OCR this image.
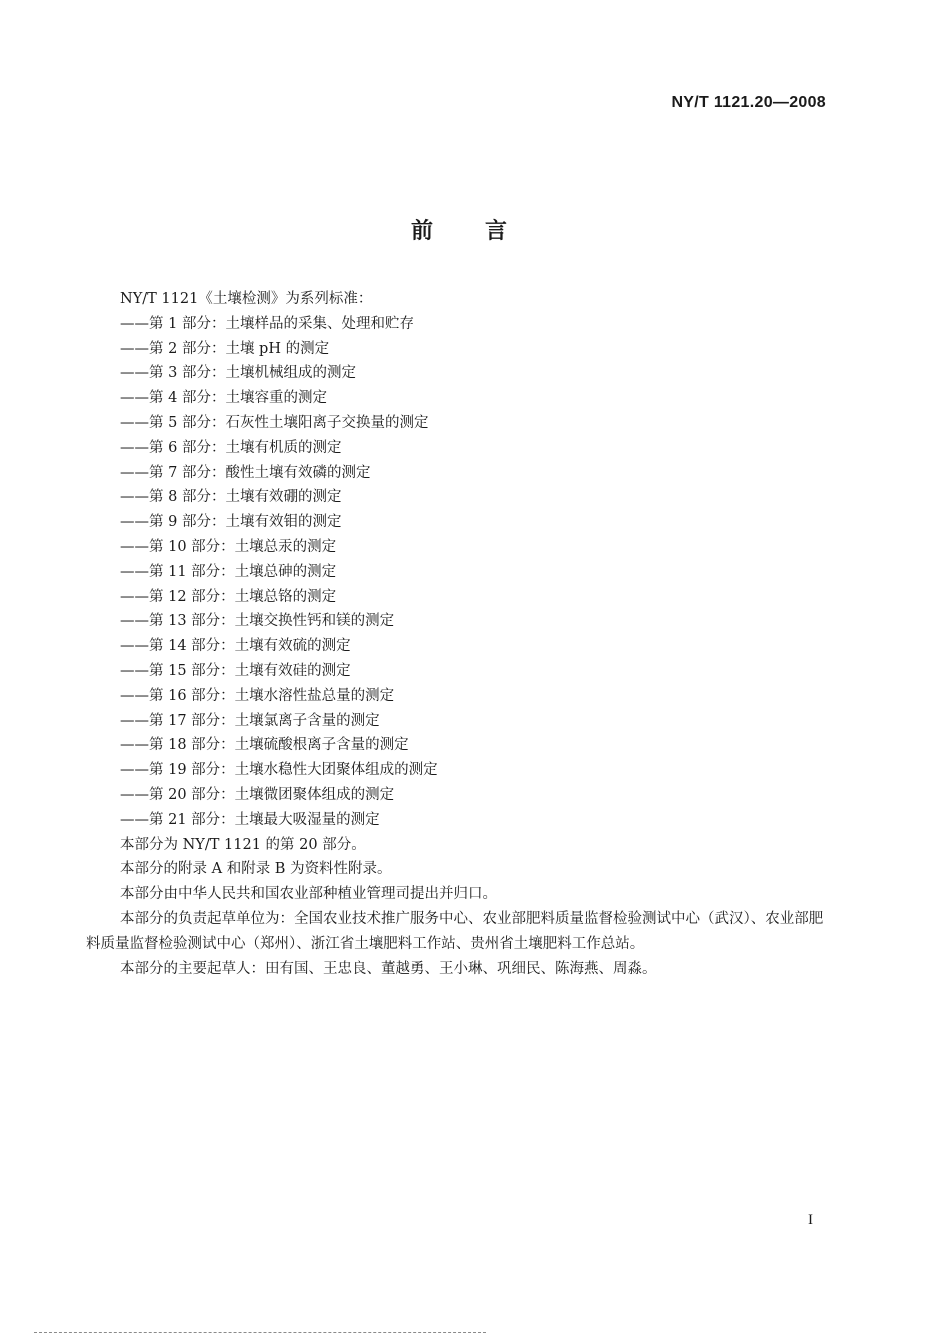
NY/T 1121.20—2008
前言
NY/T 1121《土壤检测》为系列标准：
——第 1 部分：土壤样品的采集、处理和贮存
——第 2 部分：土壤 pH 的测定
——第 3 部分：土壤机械组成的测定
——第 4 部分：土壤容重的测定
——第 5 部分：石灰性土壤阳离子交换量的测定
——第 6 部分：土壤有机质的测定
——第 7 部分：酸性土壤有效磷的测定
——第 8 部分：土壤有效硼的测定
——第 9 部分：土壤有效钼的测定
——第 10 部分：土壤总汞的测定
——第 11 部分：土壤总砷的测定
——第 12 部分：土壤总铬的测定
——第 13 部分：土壤交换性钙和镁的测定
——第 14 部分：土壤有效硫的测定
——第 15 部分：土壤有效硅的测定
——第 16 部分：土壤水溶性盐总量的测定
——第 17 部分：土壤氯离子含量的测定
——第 18 部分：土壤硫酸根离子含量的测定
——第 19 部分：土壤水稳性大团聚体组成的测定
——第 20 部分：土壤微团聚体组成的测定
——第 21 部分：土壤最大吸湿量的测定
本部分为 NY/T 1121 的第 20 部分。
本部分的附录 A 和附录 B 为资料性附录。
本部分由中华人民共和国农业部种植业管理司提出并归口。
本部分的负责起草单位为：全国农业技术推广服务中心、农业部肥料质量监督检验测试中心（武汉）、农业部肥料质量监督检验测试中心（郑州）、浙江省土壤肥料工作站、贵州省土壤肥料工作总站。
本部分的主要起草人：田有国、王忠良、董越勇、王小琳、巩细民、陈海燕、周淼。
I
